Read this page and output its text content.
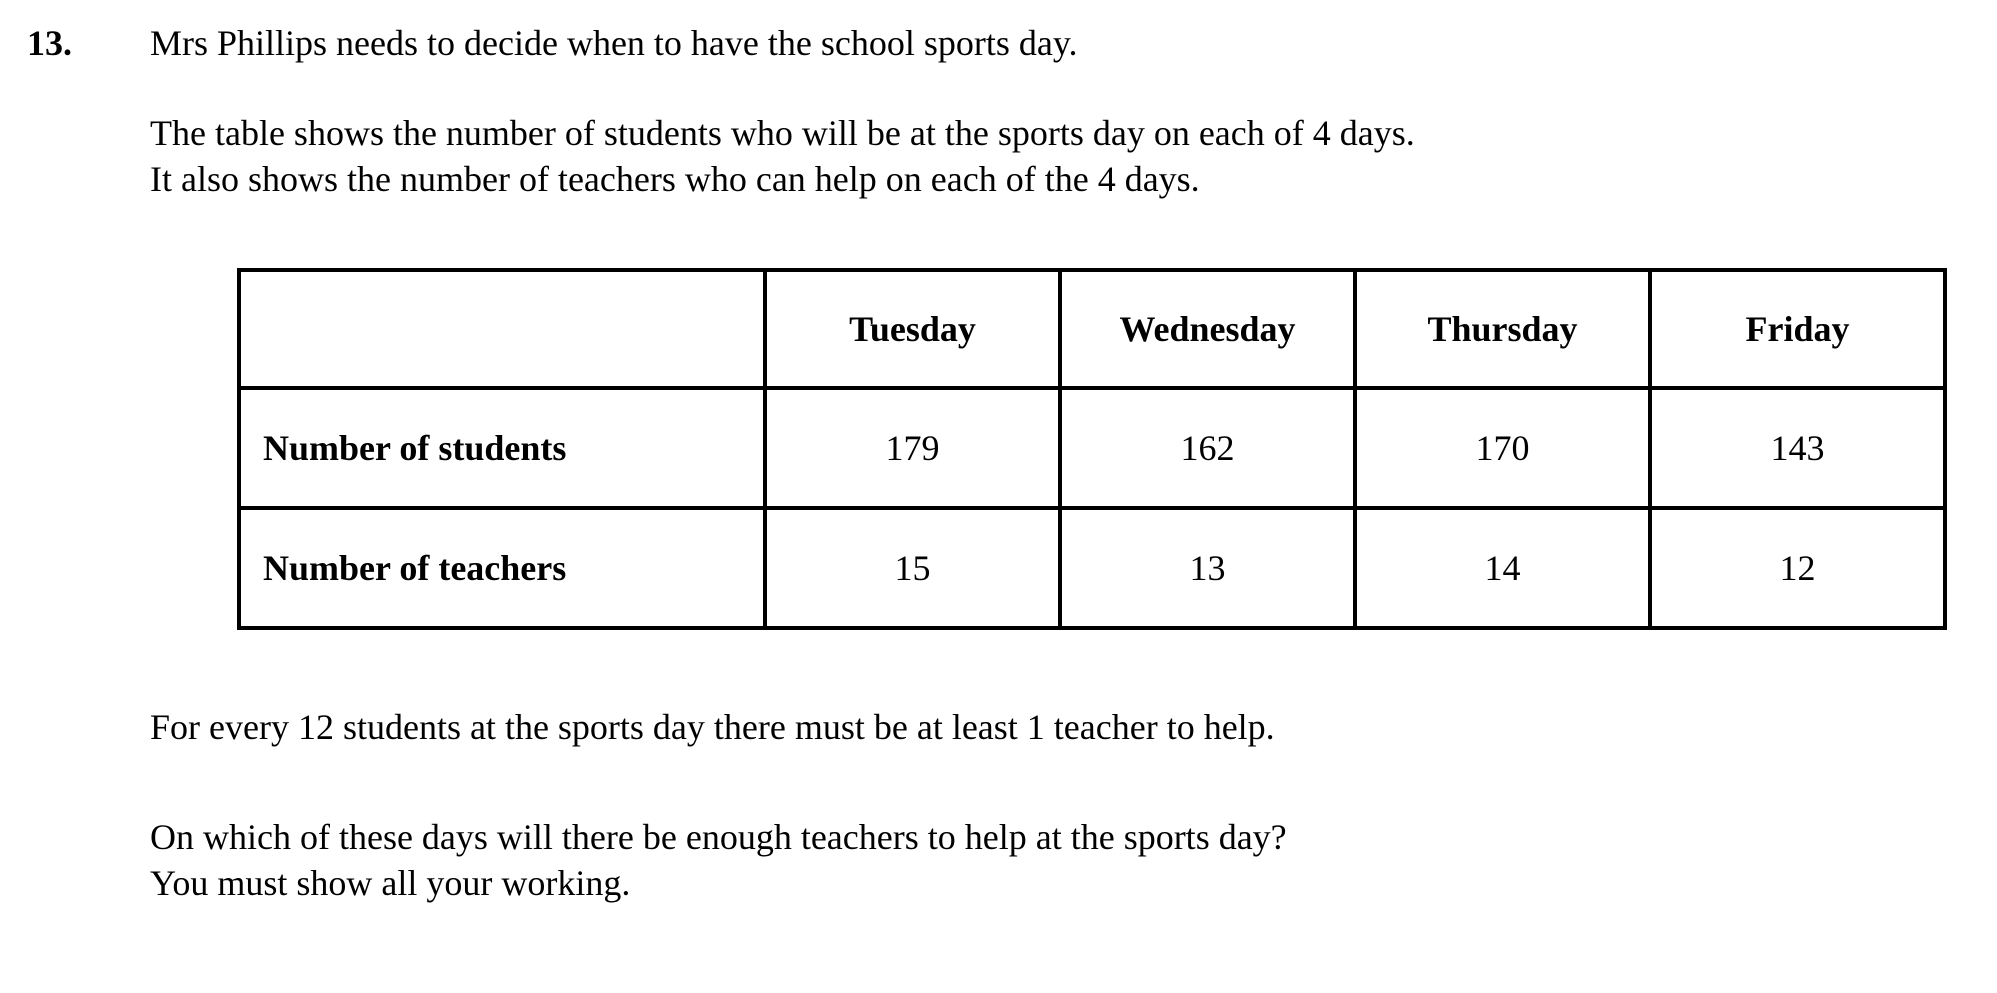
13. Mrs Phillips needs to decide when to have the school sports day.

The table shows the number of students who will be at the sports day on each of 4 days.
It also shows the number of teachers who can help on each of the 4 days.

	Tuesday	Wednesday	Thursday	Friday
Number of students	179	162	170	143
Number of teachers	15	13	14	12

For every 12 students at the sports day there must be at least 1 teacher to help.

On which of these days will there be enough teachers to help at the sports day?
You must show all your working.
